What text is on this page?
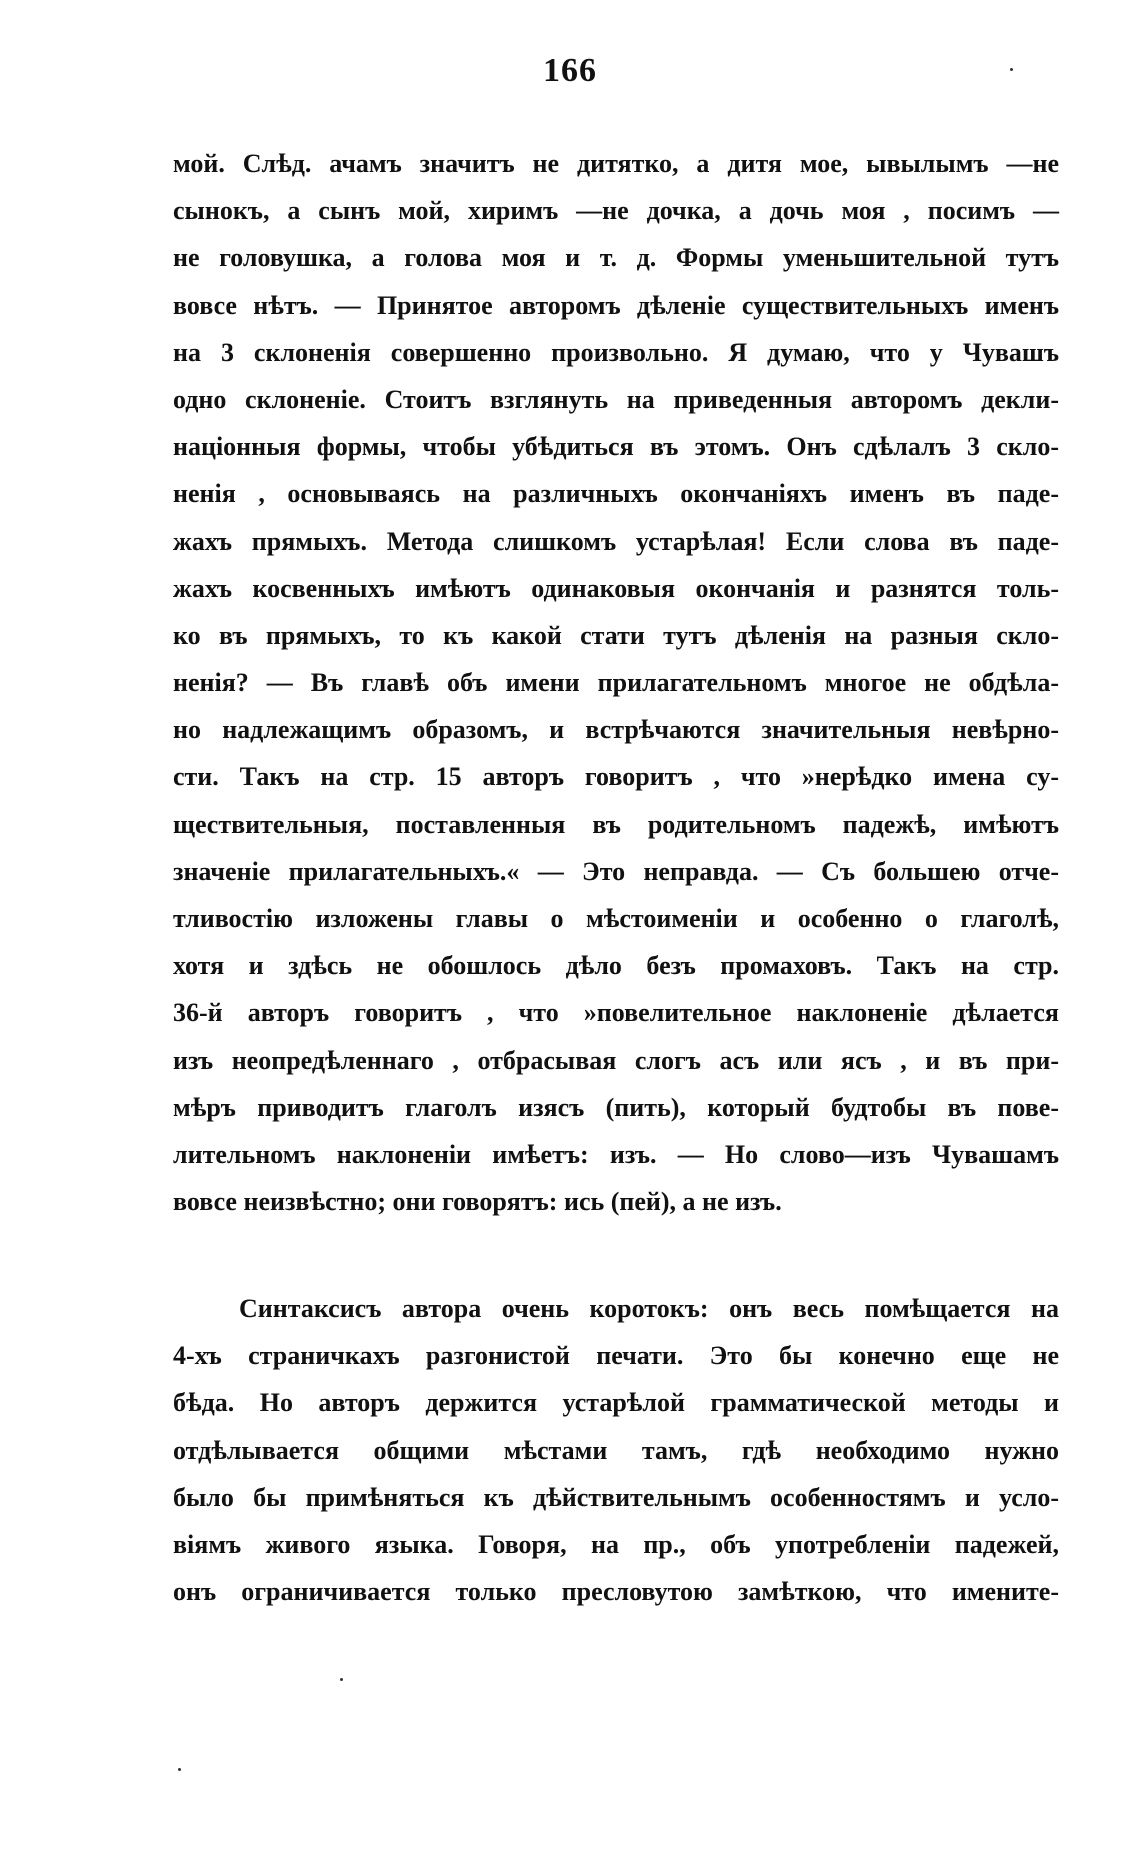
166
мой. Слѣд. ачамъ значитъ не дитятко, а дитя мое, ывылымъ —не
сынокъ, а сынъ мой, хиримъ —не дочка, а дочь моя , посимъ —
не головушка, а голова моя и т. д. Формы уменьшительной тутъ
вовсе нѣтъ. — Принятое авторомъ дѣленіе существительныхъ именъ
на 3 склоненія совершенно произвольно. Я думаю, что у Чувашъ
одно склоненіе. Стоитъ взглянуть на приведенныя авторомъ декли-
націонныя формы, чтобы убѣдиться въ этомъ. Онъ сдѣлалъ 3 скло-
ненія , основываясь на различныхъ окончаніяхъ именъ въ паде-
жахъ прямыхъ. Метода слишкомъ устарѣлая! Если слова въ паде-
жахъ косвенныхъ имѣютъ одинаковыя окончанія и разнятся толь-
ко въ прямыхъ, то къ какой стати тутъ дѣленія на разныя скло-
ненія? — Въ главѣ объ имени прилагательномъ многое не обдѣла-
но надлежащимъ образомъ, и встрѣчаются значительныя невѣрно-
сти. Такъ на стр. 15 авторъ говоритъ , что »нерѣдко имена су-
ществительныя, поставленныя въ родительномъ падежѣ, имѣютъ
значеніе прилагательныхъ.« — Это неправда. — Съ большею отче-
тливостію изложены главы о мѣстоименіи и особенно о глаголѣ,
хотя и здѣсь не обошлось дѣло безъ промаховъ. Такъ на стр.
36-й авторъ говоритъ , что »повелительное наклоненіе дѣлается
изъ неопредѣленнаго , отбрасывая слогъ асъ или ясъ , и въ при-
мѣръ приводитъ глаголъ изясъ (пить), который будтобы въ пове-
лительномъ наклоненіи имѣетъ: изъ. — Но слово—изъ Чувашамъ
вовсе неизвѣстно; они говорятъ: ись (пей), а не изъ.
Синтаксисъ автора очень коротокъ: онъ весь помѣщается на
4-хъ страничкахъ разгонистой печати. Это бы конечно еще не
бѣда. Но авторъ держится устарѣлой грамматической методы и
отдѣлывается общими мѣстами тамъ, гдѣ необходимо нужно
было бы примѣняться къ дѣйствительнымъ особенностямъ и усло-
віямъ живого языка. Говоря, на пр., объ употребленіи падежей,
онъ ограничивается только пресловутою замѣткою, что имените-
